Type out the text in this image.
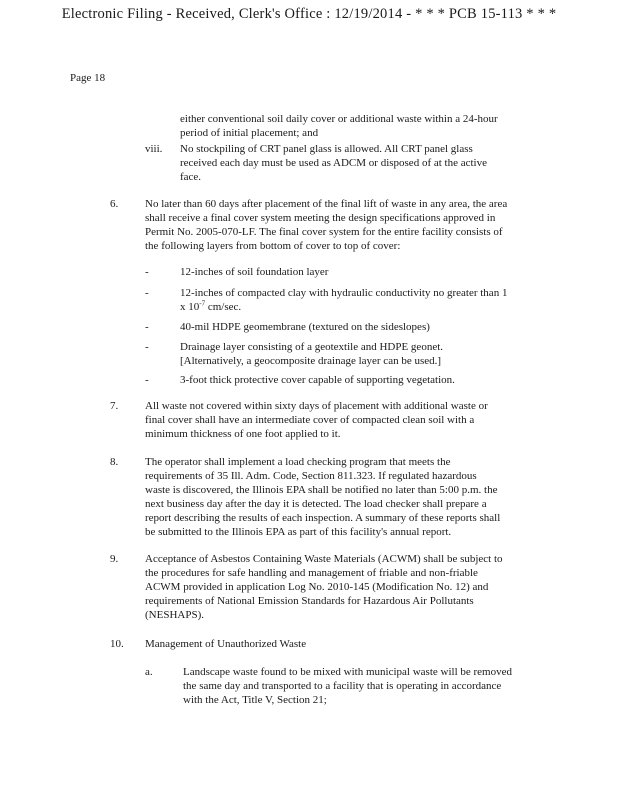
Electronic Filing - Received, Clerk's Office : 12/19/2014 - * * * PCB 15-113 * * *
Page 18
either conventional soil daily cover or additional waste within a 24-hour
period of initial placement; and
viii. No stockpiling of CRT panel glass is allowed. All CRT panel glass
received each day must be used as ADCM or disposed of at the active
face.
6. No later than 60 days after placement of the final lift of waste in any area, the area
shall receive a final cover system meeting the design specifications approved in
Permit No. 2005-070-LF. The final cover system for the entire facility consists of
the following layers from bottom of cover to top of cover:
-	12-inches of soil foundation layer
-	12-inches of compacted clay with hydraulic conductivity no greater than 1
x $10^{-7}$ cm/sec.
-	40-mil HDPE geomembrane (textured on the sideslopes)
-	Drainage layer consisting of a geotextile and HDPE geonet.
[Alternatively, a geocomposite drainage layer can be used.]
-	3-foot thick protective cover capable of supporting vegetation.
7. All waste not covered within sixty days of placement with additional waste or
final cover shall have an intermediate cover of compacted clean soil with a
minimum thickness of one foot applied to it.
8. The operator shall implement a load checking program that meets the
requirements of 35 Ill. Adm. Code, Section 811.323. If regulated hazardous
waste is discovered, the Illinois EPA shall be notified no later than 5:00 p.m. the
next business day after the day it is detected. The load checker shall prepare a
report describing the results of each inspection. A summary of these reports shall
be submitted to the Illinois EPA as part of this facility's annual report.
9. Acceptance of Asbestos Containing Waste Materials (ACWM) shall be subject to
the procedures for safe handling and management of friable and non-friable
ACWM provided in application Log No. 2010-145 (Modification No. 12) and
requirements of National Emission Standards for Hazardous Air Pollutants
(NESHAPS).
10. Management of Unauthorized Waste
a.	Landscape waste found to be mixed with municipal waste will be removed
the same day and transported to a facility that is operating in accordance
with the Act, Title V, Section 21;
